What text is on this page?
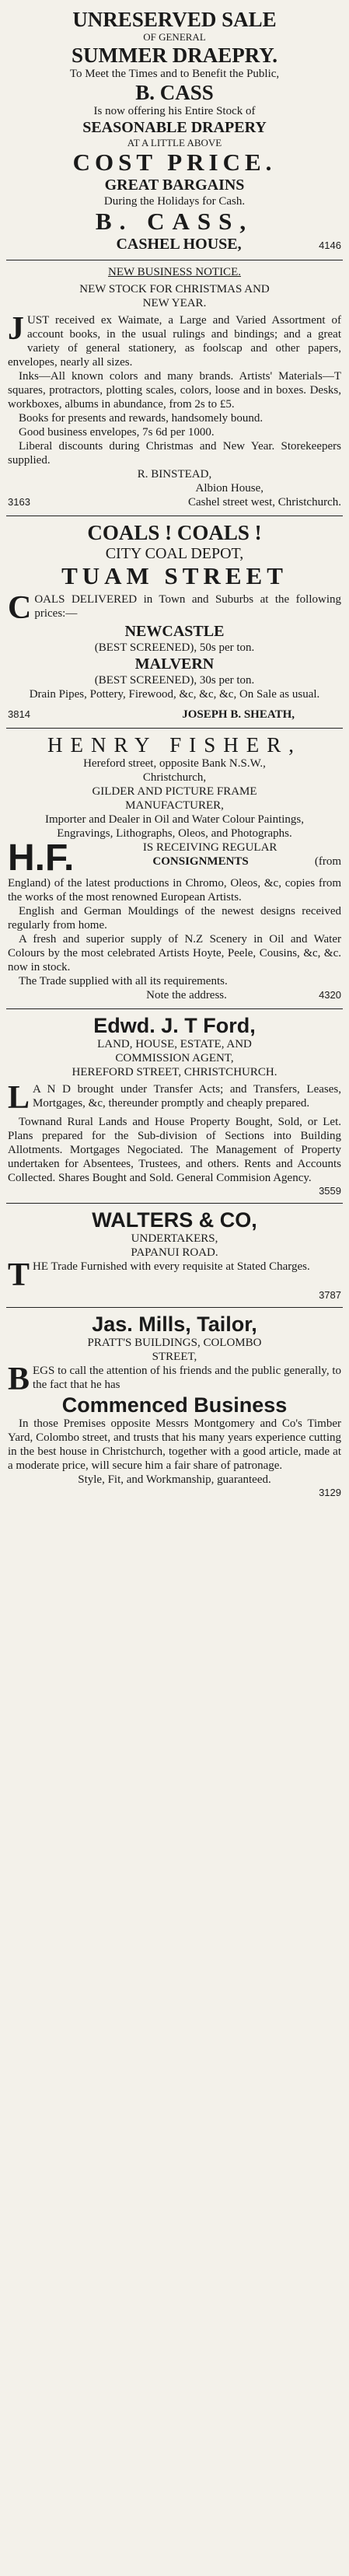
UNRESERVED SALE
OF GENERAL
SUMMER DRAEPRY.
To Meet the Times and to Benefit the Public,
B. CASS
Is now offering his Entire Stock of
SEASONABLE DRAPERY
AT A LITTLE ABOVE
COST PRICE.
GREAT BARGAINS
During the Holidays for Cash.
B. CASS,
CASHEL HOUSE,	4146
NEW BUSINESS NOTICE.
NEW STOCK FOR CHRISTMAS AND
NEW YEAR.
JUST received ex Waimate, a Large and Varied Assortment of account books, in the usual rulings and bindings; and a great variety of general stationery, as foolscap and other papers, envelopes, nearly all sizes.
Inks—All known colors and many brands. Artists' Materials—T squares, protractors, plotting scales, colors, loose and in boxes. Desks, workboxes, albums in abundance, from 2s to £5.
Books for presents and rewards, handsomely bound.
Good business envelopes, 7s 6d per 1000.
Liberal discounts during Christmas and New Year. Storekeepers supplied.
R. BINSTEAD,
Albion House,
3163	Cashel street west, Christchurch.
COALS ! COALS !
CITY COAL DEPOT,
TUAM STREET
COALS DELIVERED in Town and Suburbs at the following prices:—
NEWCASTLE
(BEST SCREENED), 50s per ton.
MALVERN
(BEST SCREENED), 30s per ton.
Drain Pipes, Pottery, Firewood, &c, &c, &c, On Sale as usual.
3814	JOSEPH B. SHEATH,
HENRY FISHER,
Hereford street, opposite Bank N.S.W.,
Christchurch,
GILDER AND PICTURE FRAME
MANUFACTURER,
Importer and Dealer in Oil and Water Colour Paintings,
Engravings, Lithographs, Oleos, and Photographs.
H.F.	IS RECEIVING REGULAR
CONSIGNMENTS	(from
England) of the latest productions in Chromo, Oleos, &c, copies from the works of the most renowned European Artists.
English and German Mouldings of the newest designs received regularly from home.
A fresh and superior supply of N.Z Scenery in Oil and Water Colours by the most celebrated Artists Hoyte, Peele, Cousins, &c, &c. now in stock.
The Trade supplied with all its requirements.
Note the address.	4320
Edwd. J. T Ford,
LAND, HOUSE, ESTATE, AND
COMMISSION AGENT,
HEREFORD STREET, CHRISTCHURCH.
L A N D brought under Transfer Acts; and Transfers, Leases, Mortgages, &c, thereunder promptly and cheaply prepared.
Townand Rural Lands and House Property Bought, Sold, or Let. Plans prepared for the Sub-division of Sections into Building Allotments. Mortgages Negociated. The Management of Property undertaken for Absentees, Trustees, and others. Rents and Accounts Collected. Shares Bought and Sold. General Commision Agency.
3559
WALTERS & CO,
UNDERTAKERS,
PAPANUI ROAD.
THE Trade Furnished with every requisite at Stated Charges.
3787
Jas. Mills, Tailor,
PRATT'S BUILDINGS, COLOMBO
STREET,
BEGS to call the attention of his friends and the public generally, to the fact that he has
Commenced Business
In those Premises opposite Messrs Montgomery and Co's Timber Yard, Colombo street, and trusts that his many years experience cutting in the best house in Christchurch, together with a good article, made at a moderate price, will secure him a fair share of patronage.
Style, Fit, and Workmanship, guaranteed.
3129
